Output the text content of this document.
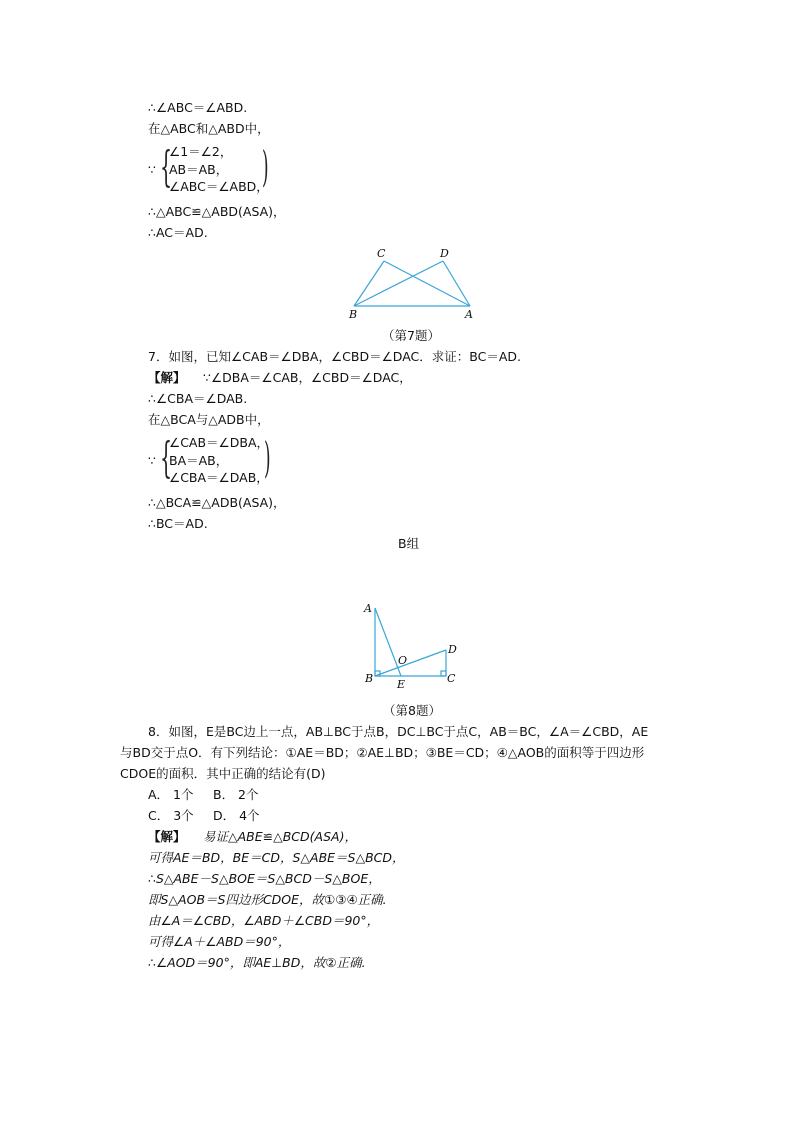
∴∠ABC＝∠ABD.
在△ABC和△ABD中，
∵ {
∠1＝∠2，
AB＝AB，
∠ABC＝∠ABD，
)
∴△ABC≌△ABD(ASA)，
∴AC＝AD.
C	D
B	A
（第7题）
7．如图，已知∠CAB＝∠DBA，∠CBD＝∠DAC．求证：BC＝AD.
【解】 ∵∠DBA＝∠CAB，∠CBD＝∠DAC，
∴∠CBA＝∠DAB.
在△BCA与△ADB中，
∵ {
∠CAB＝∠DBA，
BA＝AB，
∠CBA＝∠DAB，
)
∴△BCA≌△ADB(ASA)，
∴BC＝AD.
B组
A
B E
O
D
C
（第8题）
8．如图，E是BC边上一点，AB⊥BC于点B，DC⊥BC于点C，AB＝BC，∠A＝∠CBD，AE
与BD交于点O．有下列结论：①AE＝BD；②AE⊥BD；③BE＝CD；④△AOB的面积等于四边形
CDOE的面积．其中正确的结论有(D)
A． 1个 B． 2个
C． 3个 D． 4个
【解】 易证△ABE≌△BCD(ASA)，
可得AE＝BD，BE＝CD，S△ABE＝S△BCD，
∴S△ABE－S△BOE＝S△BCD－S△BOE，
即S△AOB＝S四边形CDOE，故①③④正确.
由∠A＝∠CBD，∠ABD＋∠CBD＝90°，
可得∠A＋∠ABD＝90°，
∴∠AOD＝90°，即AE⊥BD，故②正确.
